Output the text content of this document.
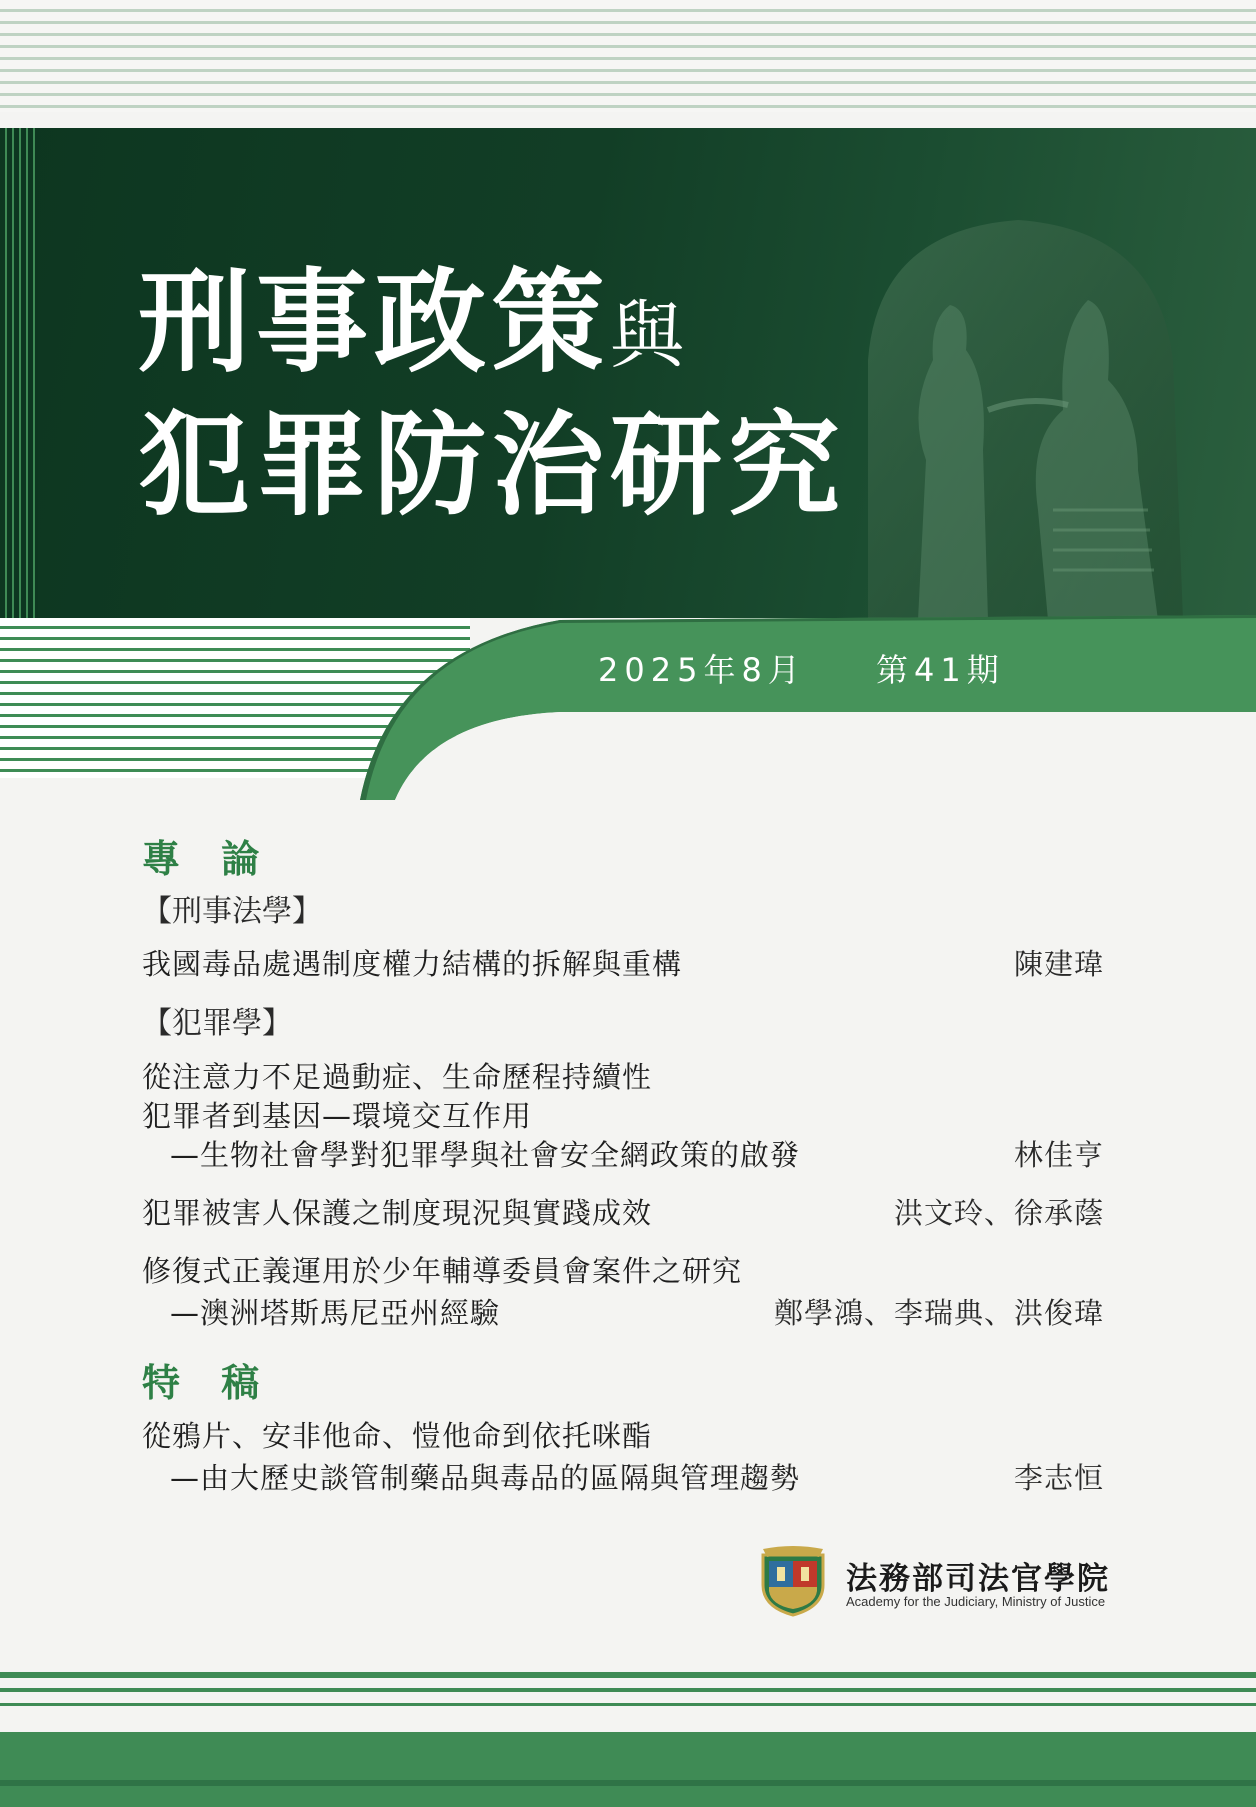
刑事政策與
犯罪防治研究
2025年8月 第41期
專 論
【刑事法學】
我國毒品處遇制度權力結構的拆解與重構	陳建瑋
【犯罪學】
從注意力不足過動症、生命歷程持續性
犯罪者到基因—環境交互作用
—生物社會學對犯罪學與社會安全網政策的啟發	林佳亨
犯罪被害人保護之制度現況與實踐成效	洪文玲、徐承蔭
修復式正義運用於少年輔導委員會案件之研究
—澳洲塔斯馬尼亞州經驗	鄭學鴻、李瑞典、洪俊瑋
特 稿
從鴉片、安非他命、愷他命到依托咪酯
—由大歷史談管制藥品與毒品的區隔與管理趨勢	李志恒
法務部司法官學院
Academy for the Judiciary, Ministry of Justice
